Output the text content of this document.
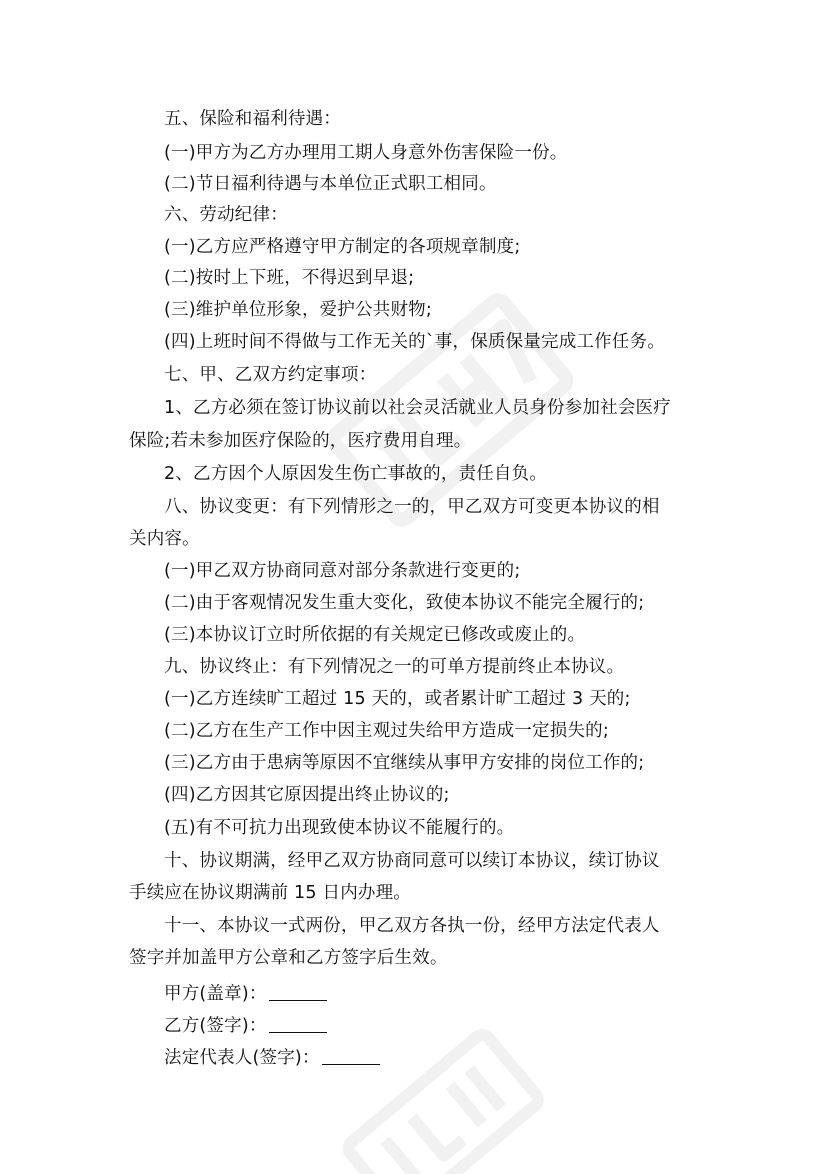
五、保险和福利待遇：
(一)甲方为乙方办理用工期人身意外伤害保险一份。
(二)节日福利待遇与本单位正式职工相同。
六、劳动纪律：
(一)乙方应严格遵守甲方制定的各项规章制度;
(二)按时上下班，不得迟到早退;
(三)维护单位形象，爱护公共财物;
(四)上班时间不得做与工作无关的`事，保质保量完成工作任务。
七、甲、乙双方约定事项：
1、乙方必须在签订协议前以社会灵活就业人员身份参加社会医疗
保险;若未参加医疗保险的，医疗费用自理。
2、乙方因个人原因发生伤亡事故的，责任自负。
八、协议变更：有下列情形之一的，甲乙双方可变更本协议的相
关内容。
(一)甲乙双方协商同意对部分条款进行变更的;
(二)由于客观情况发生重大变化，致使本协议不能完全履行的;
(三)本协议订立时所依据的有关规定已修改或废止的。
九、协议终止：有下列情况之一的可单方提前终止本协议。
(一)乙方连续旷工超过 15 天的，或者累计旷工超过 3 天的;
(二)乙方在生产工作中因主观过失给甲方造成一定损失的;
(三)乙方由于患病等原因不宜继续从事甲方安排的岗位工作的;
(四)乙方因其它原因提出终止协议的;
(五)有不可抗力出现致使本协议不能履行的。
十、协议期满，经甲乙双方协商同意可以续订本协议，续订协议
手续应在协议期满前 15 日内办理。
十一、本协议一式两份，甲乙双方各执一份，经甲方法定代表人
签字并加盖甲方公章和乙方签字后生效。
甲方(盖章)：
乙方(签字)：
法定代表人(签字)：
